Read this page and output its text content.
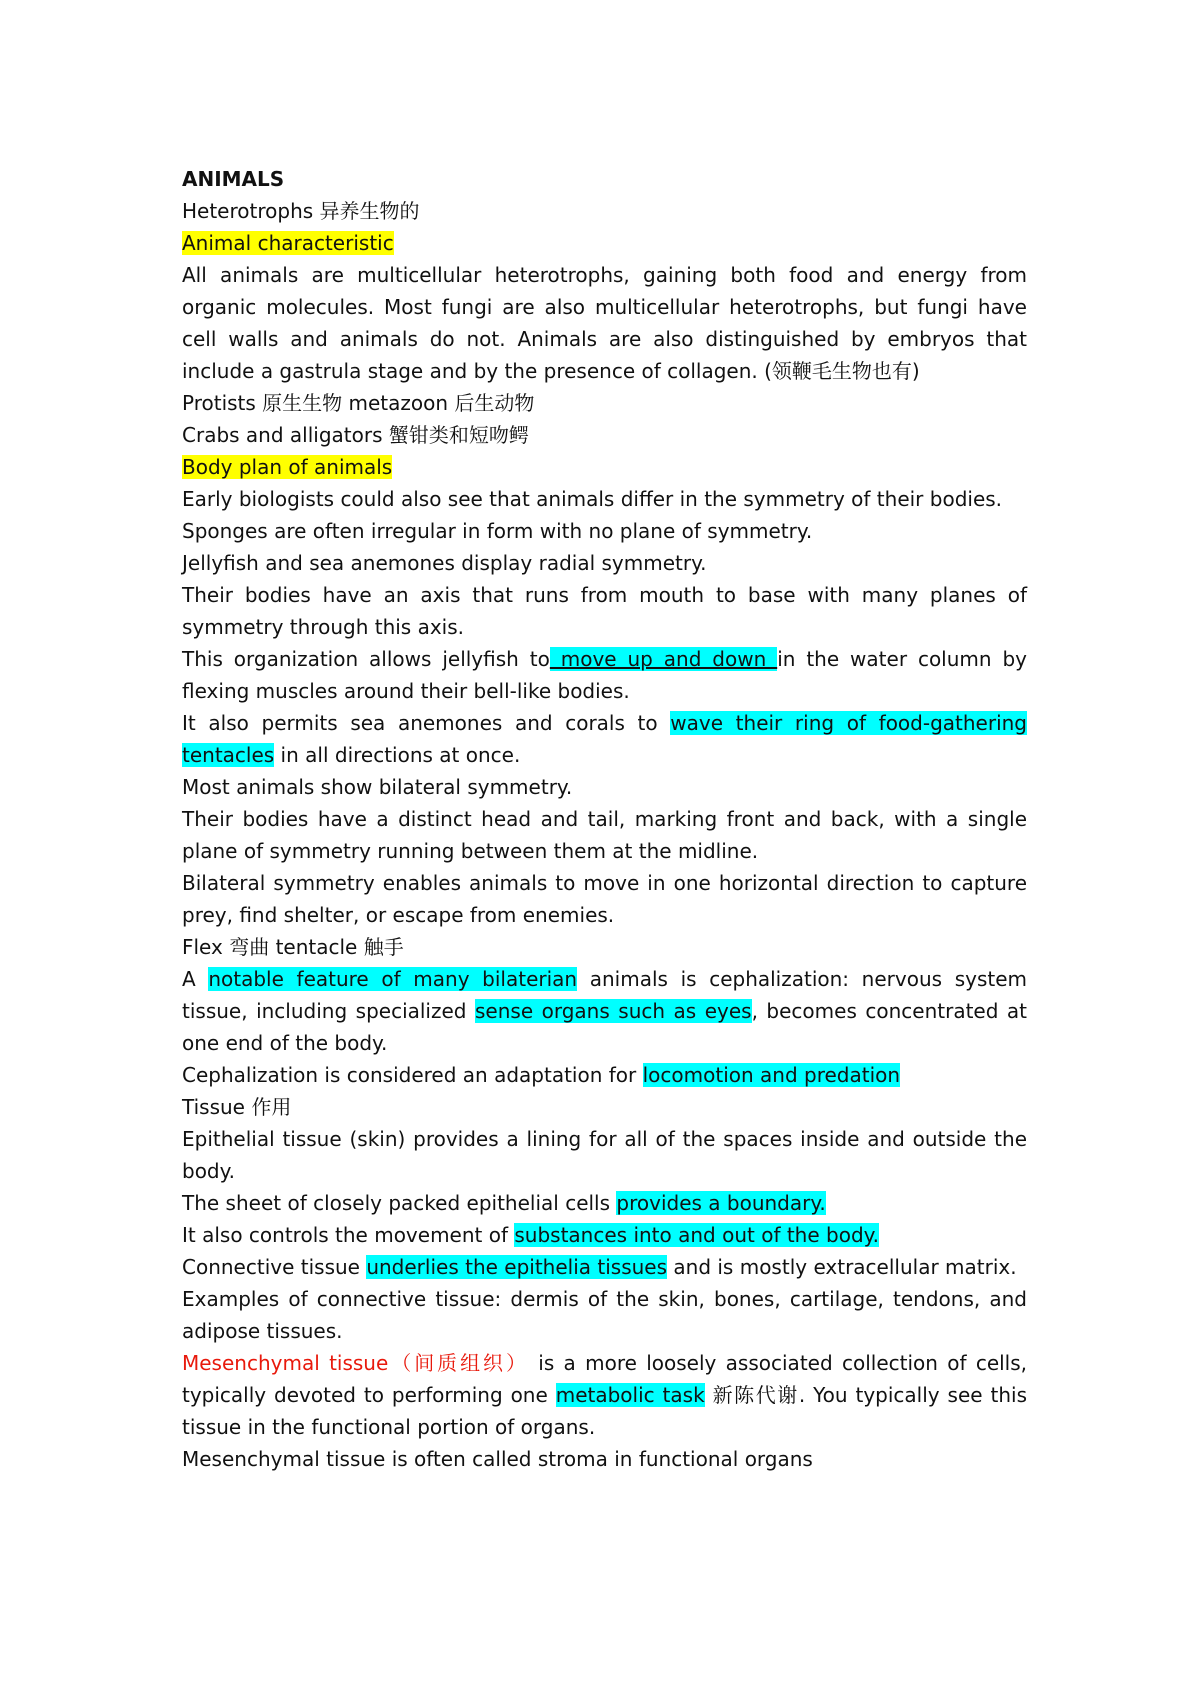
ANIMALS
Heterotrophs 异养生物的
Animal characteristic
All animals are multicellular heterotrophs, gaining both food and energy from organic molecules. Most fungi are also multicellular heterotrophs, but fungi have cell walls and animals do not. Animals are also distinguished by embryos that include a gastrula stage and by the presence of collagen. (领鞭毛生物也有)
Protists 原生生物 metazoon 后生动物
Crabs and alligators 蟹钳类和短吻鳄
Body plan of animals
Early biologists could also see that animals differ in the symmetry of their bodies.
Sponges are often irregular in form with no plane of symmetry.
Jellyfish and sea anemones display radial symmetry.
Their bodies have an axis that runs from mouth to base with many planes of symmetry through this axis.
This organization allows jellyfish to move up and down in the water column by flexing muscles around their bell-like bodies.
It also permits sea anemones and corals to wave their ring of food-gathering tentacles in all directions at once.
Most animals show bilateral symmetry.
Their bodies have a distinct head and tail, marking front and back, with a single plane of symmetry running between them at the midline.
Bilateral symmetry enables animals to move in one horizontal direction to capture prey, find shelter, or escape from enemies.
Flex 弯曲 tentacle 触手
A notable feature of many bilaterian animals is cephalization: nervous system tissue, including specialized sense organs such as eyes, becomes concentrated at one end of the body.
Cephalization is considered an adaptation for locomotion and predation
Tissue 作用
Epithelial tissue (skin) provides a lining for all of the spaces inside and outside the body.
The sheet of closely packed epithelial cells provides a boundary.
It also controls the movement of substances into and out of the body.
Connective tissue underlies the epithelia tissues and is mostly extracellular matrix.
Examples of connective tissue: dermis of the skin, bones, cartilage, tendons, and adipose tissues.
Mesenchymal tissue（间质组织） is a more loosely associated collection of cells, typically devoted to performing one metabolic task 新陈代谢. You typically see this tissue in the functional portion of organs.
Mesenchymal tissue is often called stroma in functional organs
